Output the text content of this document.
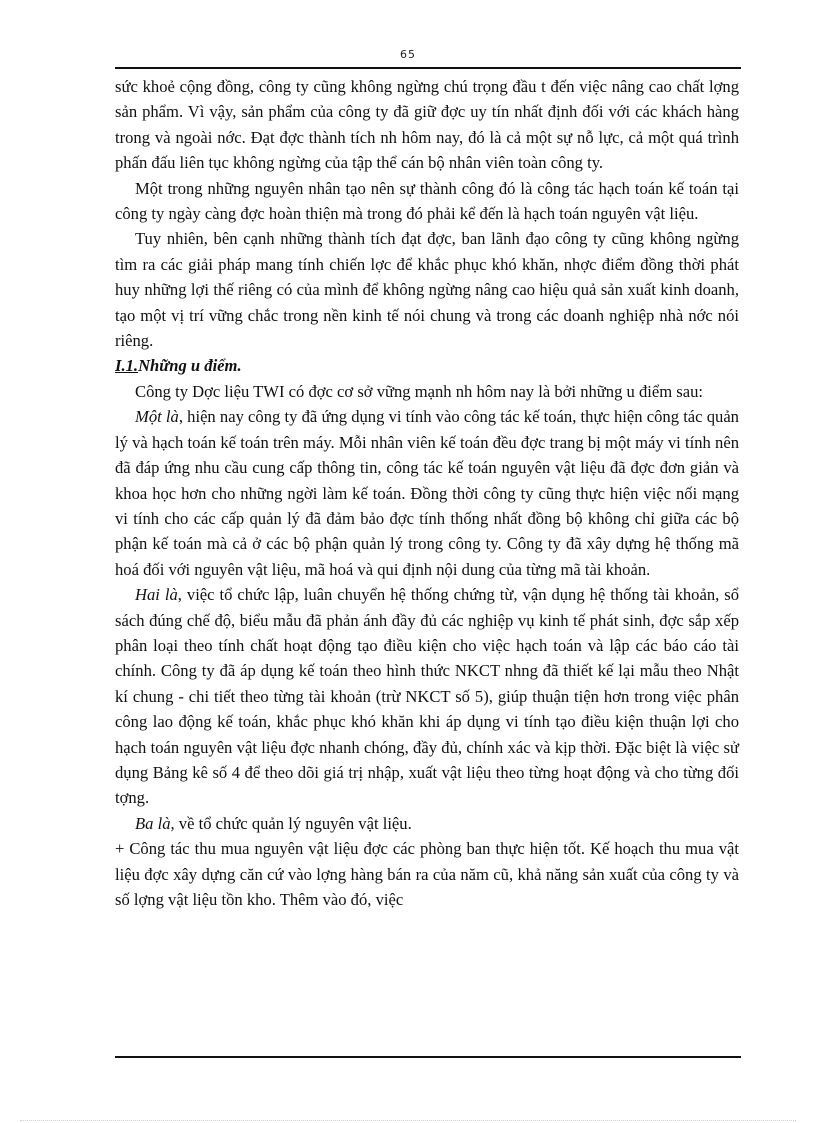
65

sức khoẻ cộng đồng, công ty cũng không ngừng chú trọng đầu t đến việc nâng cao chất lợng sản phẩm. Vì vậy, sản phẩm của công ty đã giữ đợc uy tín nhất định đối với các khách hàng trong và ngoài nớc. Đạt đợc thành tích nh hôm nay, đó là cả một sự nỗ lực, cả một quá trình phấn đấu liên tục không ngừng của tập thể cán bộ nhân viên toàn công ty.

Một trong những nguyên nhân tạo nên sự thành công đó là công tác hạch toán kế toán tại công ty ngày càng đợc hoàn thiện mà trong đó phải kể đến là hạch toán nguyên vật liệu.

Tuy nhiên, bên cạnh những thành tích đạt đợc, ban lãnh đạo công ty cũng không ngừng tìm ra các giải pháp mang tính chiến lợc để khắc phục khó khăn, nhợc điểm đồng thời phát huy những lợi thế riêng có của mình để không ngừng nâng cao hiệu quả sản xuất kinh doanh, tạo một vị trí vững chắc trong nền kinh tế nói chung và trong các doanh nghiệp nhà nớc nói riêng.

I.1.Những u điểm.

Công ty Dợc liệu TWI có đợc cơ sở vững mạnh nh hôm nay là bởi những u điểm sau:

Một là, hiện nay công ty đã ứng dụng vi tính vào công tác kế toán, thực hiện công tác quản lý và hạch toán kế toán trên máy. Mỗi nhân viên kế toán đều đợc trang bị một máy vi tính nên đã đáp ứng nhu cầu cung cấp thông tin, công tác kế toán nguyên vật liệu đã đợc đơn giản và khoa học hơn cho những ngời làm kế toán. Đồng thời công ty cũng thực hiện việc nối mạng vi tính cho các cấp quản lý đã đảm bảo đợc tính thống nhất đồng bộ không chỉ giữa các bộ phận kế toán mà cả ở các bộ phận quản lý trong công ty. Công ty đã xây dựng hệ thống mã hoá đối với nguyên vật liệu, mã hoá và qui định nội dung của từng mã tài khoản.

Hai là, việc tổ chức lập, luân chuyển hệ thống chứng từ, vận dụng hệ thống tài khoản, sổ sách đúng chế độ, biểu mẫu đã phản ánh đầy đủ các nghiệp vụ kinh tế phát sinh, đợc sắp xếp phân loại theo tính chất hoạt động tạo điều kiện cho việc hạch toán và lập các báo cáo tài chính. Công ty đã áp dụng kế toán theo hình thức NKCT nhng đã thiết kế lại mẫu theo Nhật kí chung - chi tiết theo từng tài khoản (trừ NKCT số 5), giúp thuận tiện hơn trong việc phân công lao động kế toán, khắc phục khó khăn khi áp dụng vi tính tạo điều kiện thuận lợi cho hạch toán nguyên vật liệu đợc nhanh chóng, đầy đủ, chính xác và kịp thời. Đặc biệt là việc sử dụng Bảng kê số 4 để theo dõi giá trị nhập, xuất vật liệu theo từng hoạt động và cho từng đối tợng.

Ba là, về tổ chức quản lý nguyên vật liệu.

+ Công tác thu mua nguyên vật liệu đợc các phòng ban thực hiện tốt. Kế hoạch thu mua vật liệu đợc xây dựng căn cứ vào lợng hàng bán ra của năm cũ, khả năng sản xuất của công ty và số lợng vật liệu tồn kho. Thêm vào đó, việc
